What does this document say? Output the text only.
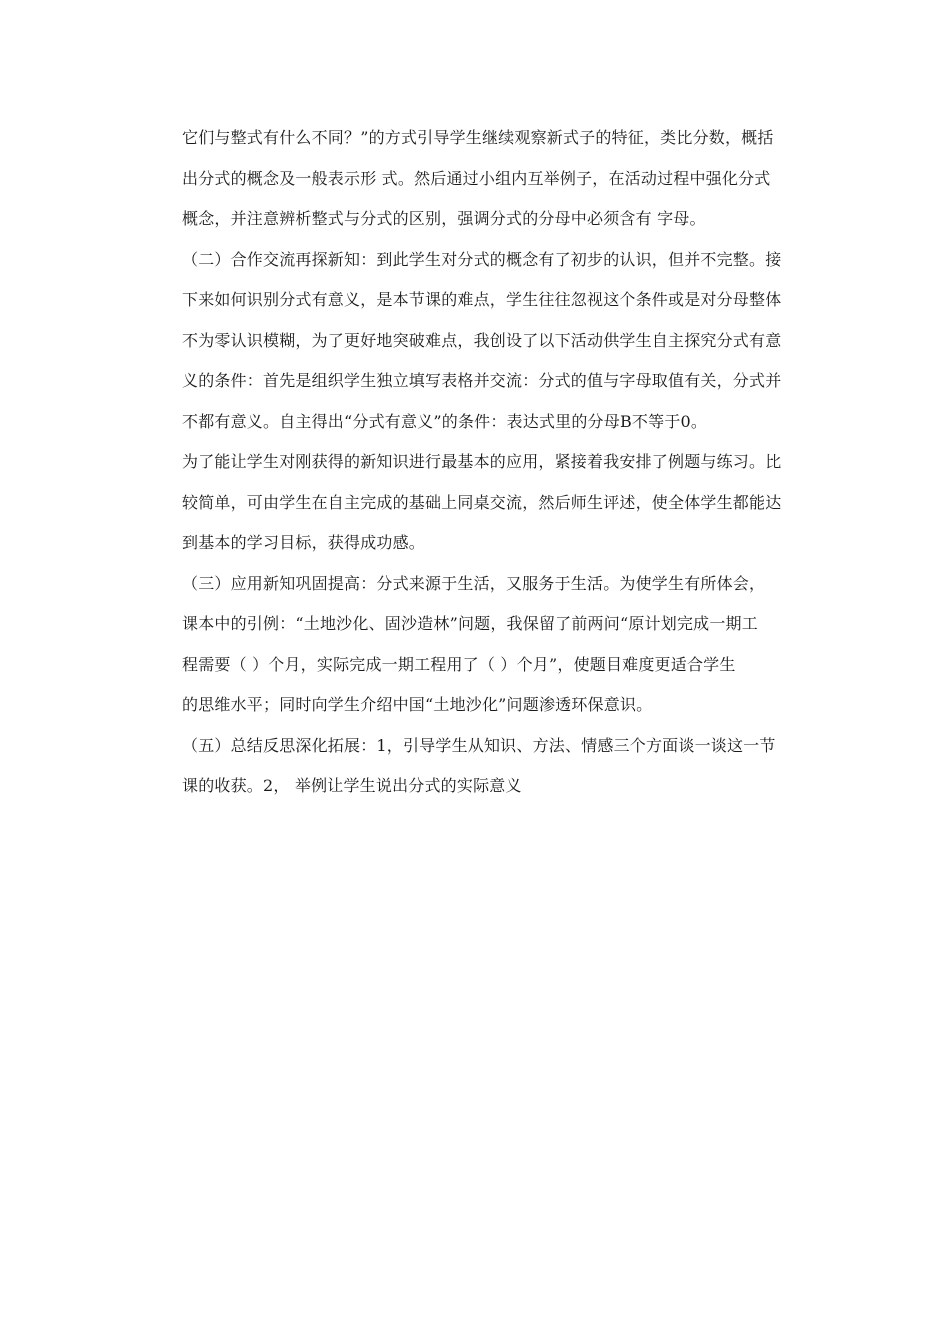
它们与整式有什么不同？”的方式引导学生继续观察新式子的特征，类比分数，概括
出分式的概念及一般表示形 式。然后通过小组内互举例子，在活动过程中强化分式
概念，并注意辨析整式与分式的区别，强调分式的分母中必须含有 字母。
（二）合作交流再探新知：到此学生对分式的概念有了初步的认识，但并不完整。接
下来如何识别分式有意义，是本节课的难点，学生往往忽视这个条件或是对分母整体
不为零认识模糊，为了更好地突破难点，我创设了以下活动供学生自主探究分式有意
义的条件：首先是组织学生独立填写表格并交流：分式的值与字母取值有关，分式并
不都有意义。自主得出“分式有意义”的条件：表达式里的分母B不等于0。
为了能让学生对刚获得的新知识进行最基本的应用，紧接着我安排了例题与练习。比
较简单，可由学生在自主完成的基础上同桌交流，然后师生评述，使全体学生都能达
到基本的学习目标，获得成功感。
（三）应用新知巩固提高：分式来源于生活，又服务于生活。为使学生有所体会，
课本中的引例：“土地沙化、固沙造林”问题，我保留了前两问“原计划完成一期工
程需要（ ）个月，实际完成一期工程用了（ ）个月”，使题目难度更适合学生
的思维水平；同时向学生介绍中国“土地沙化”问题渗透环保意识。
（五）总结反思深化拓展：1，引导学生从知识、方法、情感三个方面谈一谈这一节
课的收获。2， 举例让学生说出分式的实际意义
